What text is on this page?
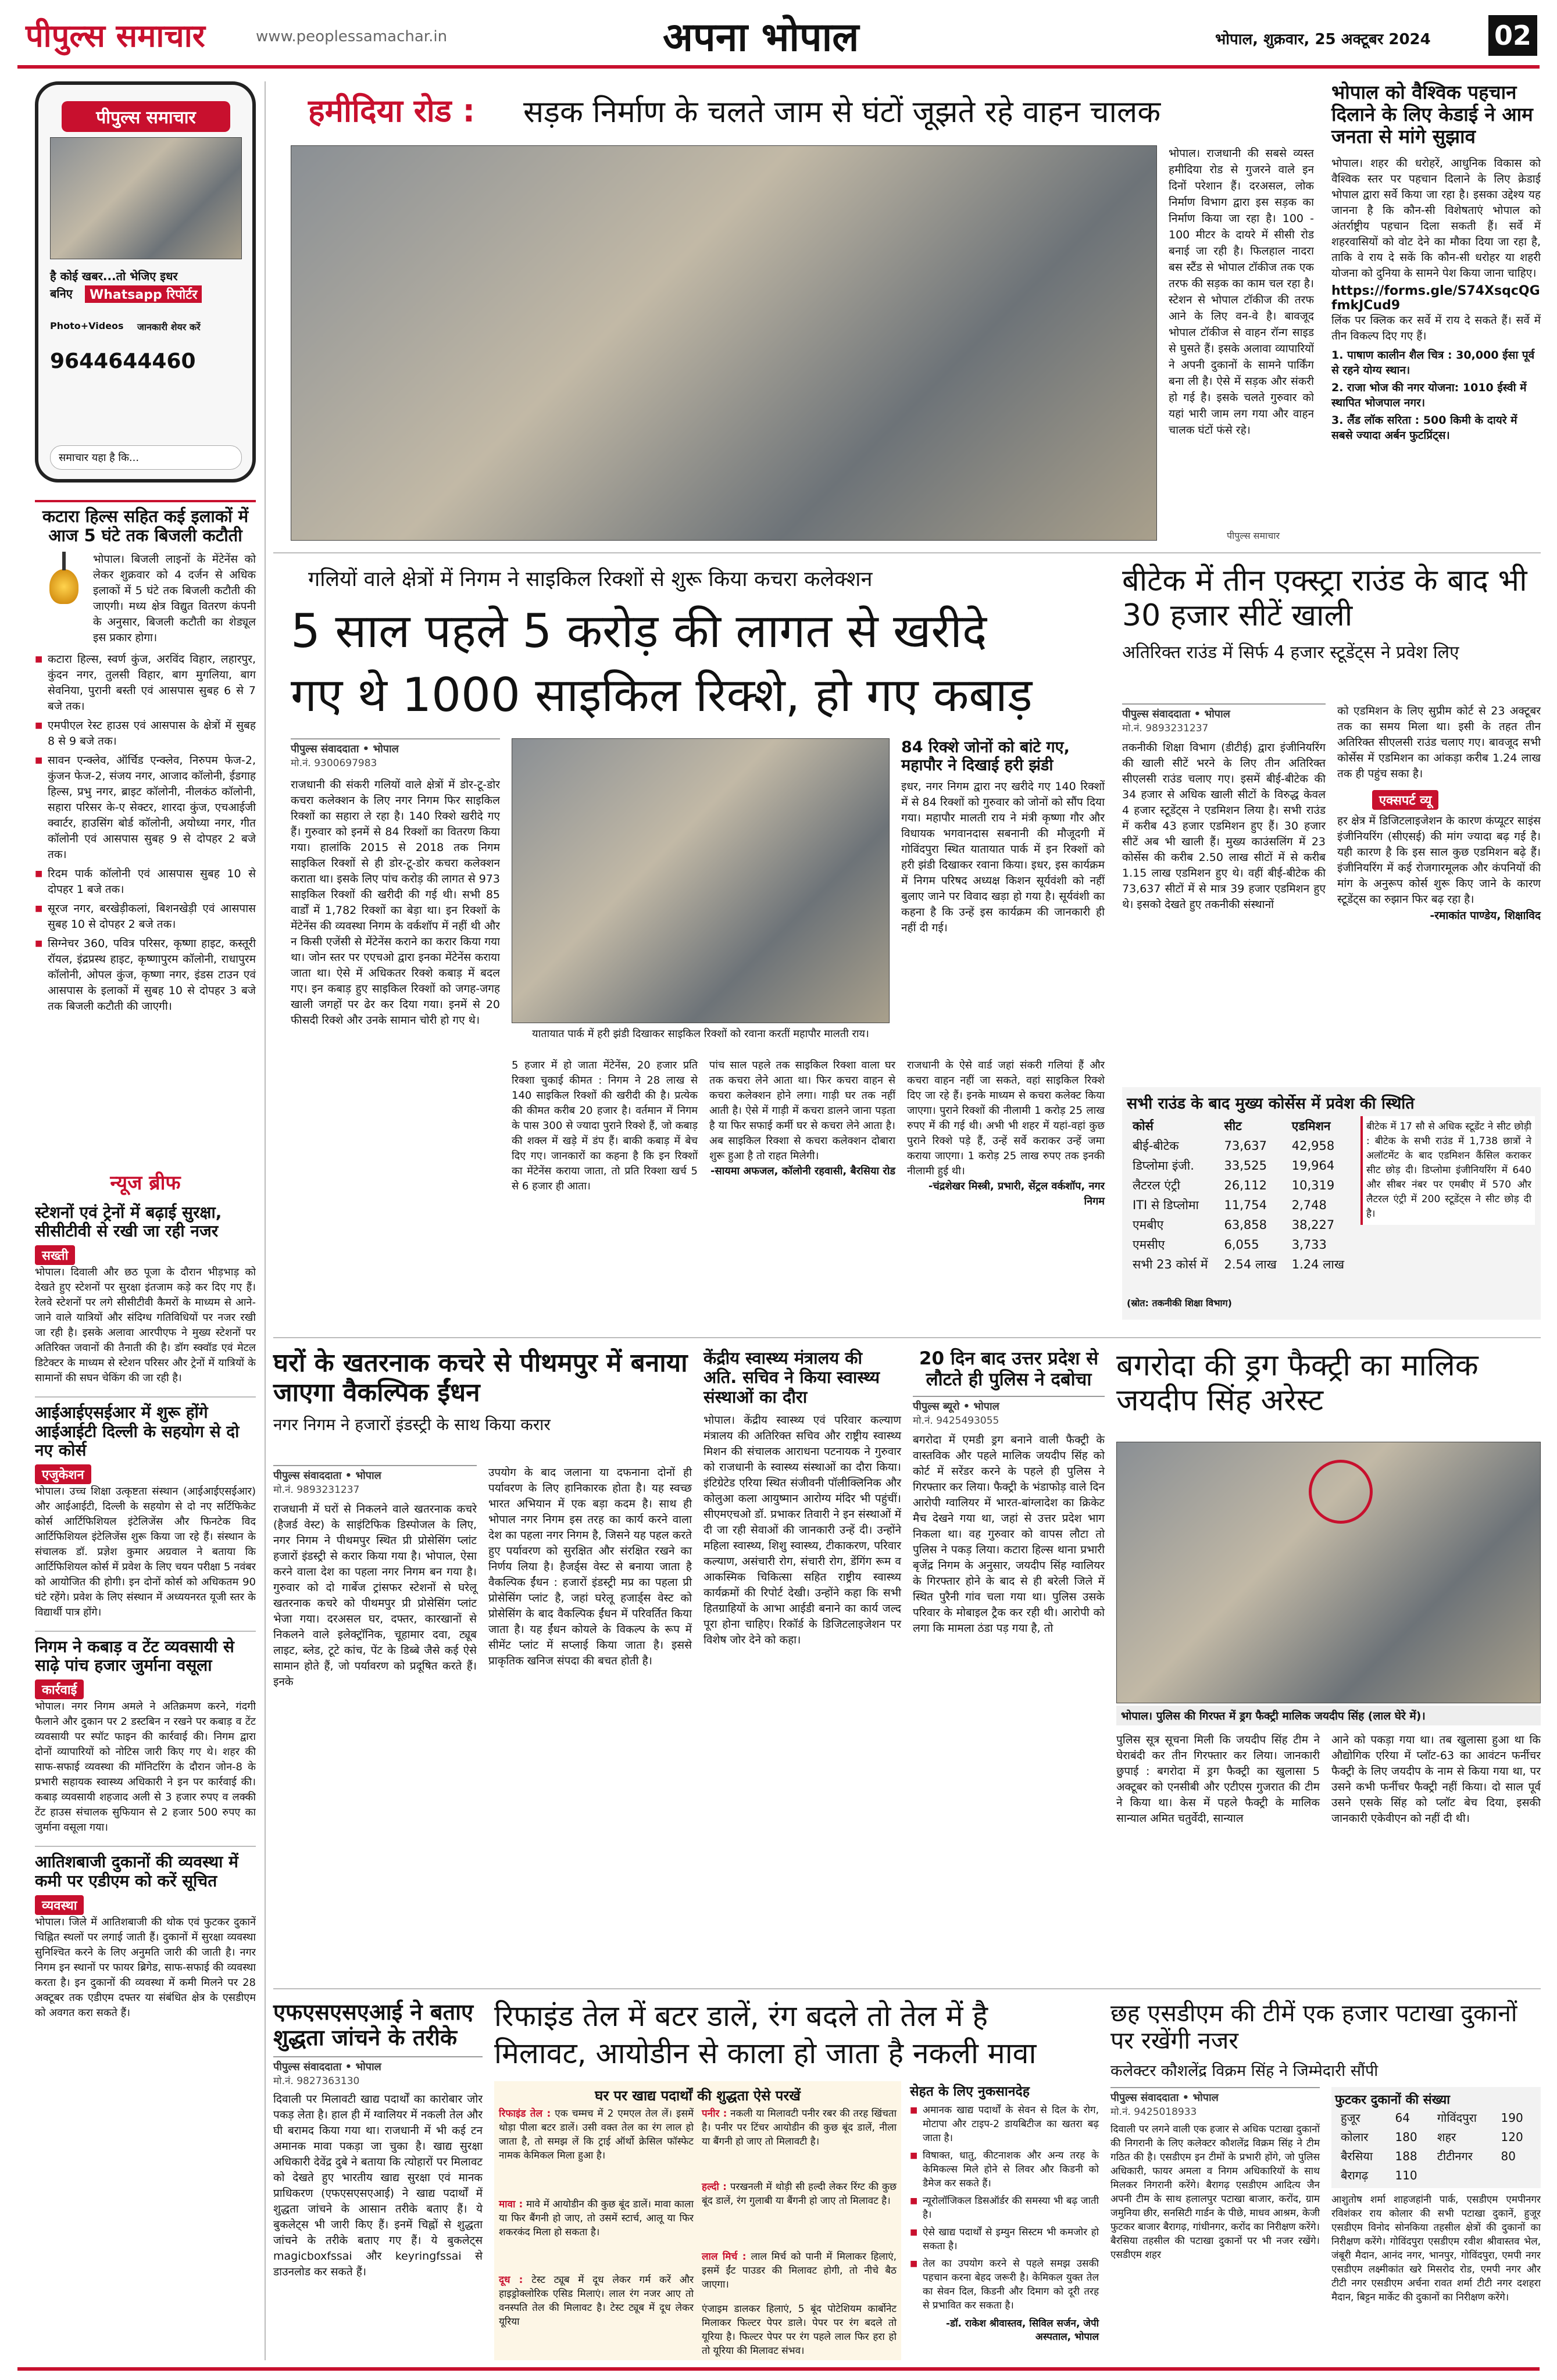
पीपुल्स समाचार	www.peoplessamachar.in	अपना भोपाल	भोपाल, शुक्रवार, 25 अक्टूबर 2024 02
पीपुल्स समाचार
है कोई खबर...तो भेजिए इधर
बनिए	Whatsapp रिपोर्टर
Photo+Videos जानकारी शेयर करें
9644644460
समाचार यहा है कि...
हमीदिया रोड : सड़क निर्माण के चलते जाम से घंटों जूझते रहे वाहन चालक
भोपाल। राजधानी की सबसे व्यस्त हमीदिया रोड से गुजरने वाले इन दिनों परेशान हैं। दरअसल, लोक निर्माण विभाग द्वारा इस सड़क का निर्माण किया जा रहा है। 100 - 100 मीटर के दायरे में सीसी रोड बनाई जा रही है। फिलहाल नादरा बस स्टैंड से भोपाल टॉकीज तक एक तरफ की सड़क का काम चल रहा है। स्टेशन से भोपाल टॉकीज की तरफ आने के लिए वन-वे है। बावजूद भोपाल टॉकीज से वाहन रॉन्ग साइड से घुसते हैं। इसके अलावा व्यापारियों ने अपनी दुकानों के सामने पार्किंग बना ली है। ऐसे में सड़क और संकरी हो गई है। इसके चलते गुरुवार को यहां भारी जाम लग गया और वाहन चालक घंटों फंसे रहे।
पीपुल्स समाचार
भोपाल को वैश्विक पहचान दिलाने के लिए केडाई ने आम जनता से मांगे सुझाव
भोपाल। शहर की धरोहरें, आधुनिक विकास को वैश्विक स्तर पर पहचान दिलाने के लिए क्रेडाई भोपाल द्वारा सर्वे किया जा रहा है। इसका उद्देश्य यह जानना है कि कौन-सी विशेषताएं भोपाल को अंतर्राष्ट्रीय पहचान दिला सकती हैं। सर्वे में शहरवासियों को वोट देने का मौका दिया जा रहा है, ताकि वे राय दे सकें कि कौन-सी धरोहर या शहरी योजना को दुनिया के सामने पेश किया जाना चाहिए।
https://forms.gle/S74XsqcQGfmkJCud9
लिंक पर क्लिक कर सर्वे में राय दे सकते हैं। सर्वे में तीन विकल्प दिए गए हैं।
1. पाषाण कालीन शैल चित्र : 30,000 ईसा पूर्व से रहने योग्य स्थान।
2. राजा भोज की नगर योजना: 1010 ईस्वी में स्थापित भोजपाल नगर।
3. लैंड लॉक सरिता : 500 किमी के दायरे में सबसे ज्यादा अर्बन फुटप्रिंट्स।
कटारा हिल्स सहित कई इलाकों में आज 5 घंटे तक बिजली कटौती
भोपाल। बिजली लाइनों के मेंटेनेंस को लेकर शुक्रवार को 4 दर्जन से अधिक इलाकों में 5 घंटे तक बिजली कटौती की जाएगी। मध्य क्षेत्र विद्युत वितरण कंपनी के अनुसार, बिजली कटौती का शेड्यूल इस प्रकार होगा।
■ कटारा हिल्स, स्वर्ण कुंज, अरविंद विहार, लहारपुर, कुंदन नगर, तुलसी विहार, बाग मुगलिया, बाग सेवनिया, पुरानी बस्ती एवं आसपास सुबह 6 से 7 बजे तक।
■ एमपीएल रेस्ट हाउस एवं आसपास के क्षेत्रों में सुबह 8 से 9 बजे तक।
■ सावन एन्क्लेव, ऑर्चिड एन्क्लेव, निरुपम फेज-2, कुंजन फेज-2, संजय नगर, आजाद कॉलोनी, ईडगाह हिल्स, प्रभु नगर, ब्राइट कॉलोनी, नीलकंठ कॉलोनी, सहारा परिसर के-ए सेक्टर, शारदा कुंज, एचआईजी क्वार्टर, हाउसिंग बोर्ड कॉलोनी, अयोध्या नगर, गीत कॉलोनी एवं आसपास सुबह 9 से दोपहर 2 बजे तक।
■ रिदम पार्क कॉलोनी एवं आसपास सुबह 10 से दोपहर 1 बजे तक।
■ सूरज नगर, बरखेड़ीकलां, बिशनखेड़ी एवं आसपास सुबह 10 से दोपहर 2 बजे तक।
■ सिग्नेचर 360, पवित्र परिसर, कृष्णा हाइट, कस्तूरी रॉयल, इंद्रप्रस्थ हाइट, कृष्णापुरम कॉलोनी, राधापुरम कॉलोनी, ओपल कुंज, कृष्णा नगर, इंडस टाउन एवं आसपास के इलाकों में सुबह 10 से दोपहर 3 बजे तक बिजली कटौती की जाएगी।
न्यूज ब्रीफ
स्टेशनों एवं ट्रेनों में बढ़ाई सुरक्षा, सीसीटीवी से रखी जा रही नजर
सख्ती
भोपाल। दिवाली और छठ पूजा के दौरान भीड़भाड़ को देखते हुए स्टेशनों पर सुरक्षा इंतजाम कड़े कर दिए गए हैं। रेलवे स्टेशनों पर लगे सीसीटीवी कैमरों के माध्यम से आने-जाने वाले यात्रियों और संदिग्ध गतिविधियों पर नजर रखी जा रही है। इसके अलावा आरपीएफ ने मुख्य स्टेशनों पर अतिरिक्त जवानों की तैनाती की है। डॉग स्क्वॉड एवं मेटल डिटेक्टर के माध्यम से स्टेशन परिसर और ट्रेनों में यात्रियों के सामानों की सघन चेकिंग की जा रही है।
आईआईएसईआर में शुरू होंगे आईआईटी दिल्ली के सहयोग से दो नए कोर्स
एजुकेशन
भोपाल। उच्च शिक्षा उत्कृष्टता संस्थान (आईआईएसईआर) और आईआईटी, दिल्ली के सहयोग से दो नए सर्टिफिकेट कोर्स आर्टिफिशियल इंटेलिजेंस और फिनटेक विद आर्टिफिशियल इंटेलिजेंस शुरू किया जा रहे हैं। संस्थान के संचालक डॉ. प्रज्ञेश कुमार अग्रवाल ने बताया कि आर्टिफिशियल कोर्स में प्रवेश के लिए चयन परीक्षा 5 नवंबर को आयोजित की होगी। इन दोनों कोर्स को अधिकतम 90 घंटे रहेंगे। प्रवेश के लिए संस्थान में अध्ययनरत यूजी स्तर के विद्यार्थी पात्र होंगे।
निगम ने कबाड़ व टेंट व्यवसायी से साढ़े पांच हजार जुर्माना वसूला
कार्रवाई
भोपाल। नगर निगम अमले ने अतिक्रमण करने, गंदगी फैलाने और दुकान पर 2 डस्टबिन न रखने पर कबाड़ व टेंट व्यवसायी पर स्पॉट फाइन की कार्रवाई की। निगम द्वारा दोनों व्यापारियों को नोटिस जारी किए गए थे। शहर की साफ-सफाई व्यवस्था की मॉनिटरिंग के दौरान जोन-8 के प्रभारी सहायक स्वास्थ्य अधिकारी ने इन पर कार्रवाई की। कबाड़ व्यवसायी शहजाद अली से 3 हजार रुपए व लक्की टेंट हाउस संचालक सुफियान से 2 हजार 500 रुपए का जुर्माना वसूला गया।
आतिशबाजी दुकानों की व्यवस्था में कमी पर एडीएम को करें सूचित
व्यवस्था
भोपाल। जिले में आतिशबाजी की थोक एवं फुटकर दुकानें चिह्नित स्थलों पर लगाई जाती हैं। दुकानों में सुरक्षा व्यवस्था सुनिश्चित करने के लिए अनुमति जारी की जाती है। नगर निगम इन स्थानों पर फायर ब्रिगेड, साफ-सफाई की व्यवस्था करता है। इन दुकानों की व्यवस्था में कमी मिलने पर 28 अक्टूबर तक एडीएम दफ्तर या संबंधित क्षेत्र के एसडीएम को अवगत करा सकते हैं।
गलियों वाले क्षेत्रों में निगम ने साइकिल रिक्शों से शुरू किया कचरा कलेक्शन
5 साल पहले 5 करोड़ की लागत से खरीदे
गए थे 1000 साइकिल रिक्शे, हो गए कबाड़
पीपुल्स संवाददाता • भोपाल
मो.नं. 9300697983
राजधानी की संकरी गलियों वाले क्षेत्रों में डोर-टू-डोर कचरा कलेक्शन के लिए नगर निगम फिर साइकिल रिक्शों का सहारा ले रहा है। 140 रिक्शे खरीदे गए हैं। गुरुवार को इनमें से 84 रिक्शों का वितरण किया गया। हालांकि 2015 से 2018 तक निगम साइकिल रिक्शों से ही डोर-टू-डोर कचरा कलेक्शन कराता था। इसके लिए पांच करोड़ की लागत से 973 साइकिल रिक्शों की खरीदी की गई थी। सभी 85 वार्डों में 1,782 रिक्शों का बेड़ा था। इन रिक्शों के मेंटेनेंस की व्यवस्था निगम के वर्कशॉप में नहीं थी और न किसी एजेंसी से मेंटेनेंस कराने का करार किया गया था। जोन स्तर पर एएचओ द्वारा इनका मेंटेनेंस कराया जाता था। ऐसे में अधिकतर रिक्शे कबाड़ में बदल गए। इन कबाड़ हुए साइकिल रिक्शों को जगह-जगह खाली जगहों पर ढेर कर दिया गया। इनमें से 20 फीसदी रिक्शे और उनके सामान चोरी हो गए थे।
यातायात पार्क में हरी झंडी दिखाकर साइकिल रिक्शों को रवाना करतीं महापौर मालती राय।
84 रिक्शे जोनों को बांटे गए, महापौर ने दिखाई हरी झंडी
इधर, नगर निगम द्वारा नए खरीदे गए 140 रिक्शों में से 84 रिक्शों को गुरुवार को जोनों को सौंप दिया गया। महापौर मालती राय ने मंत्री कृष्णा गौर और विधायक भगवानदास सबनानी की मौजूदगी में गोविंदपुरा स्थित यातायात पार्क में इन रिक्शों को हरी झंडी दिखाकर रवाना किया। इधर, इस कार्यक्रम में निगम परिषद अध्यक्ष किशन सूर्यवंशी को नहीं बुलाए जाने पर विवाद खड़ा हो गया है। सूर्यवंशी का कहना है कि उन्हें इस कार्यक्रम की जानकारी ही नहीं दी गई।
5 हजार में हो जाता मेंटेनेंस, 20 हजार प्रति रिक्शा चुकाई कीमत : निगम ने 28 लाख से 140 साइकिल रिक्शों की खरीदी की है। प्रत्येक की कीमत करीब 20 हजार है। वर्तमान में निगम के पास 300 से ज्यादा पुराने रिक्शे हैं, जो कबाड़ की शक्ल में खड़े में डंप हैं। बाकी कबाड़ में बेच दिए गए। जानकारों का कहना है कि इन रिक्शों का मेंटेनेंस कराया जाता, तो प्रति रिक्शा खर्च 5 से 6 हजार ही आता।
पांच साल पहले तक साइकिल रिक्शा वाला घर तक कचरा लेने आता था। फिर कचरा वाहन से कचरा कलेक्शन होने लगा। गाड़ी घर तक नहीं आती है। ऐसे में गाड़ी में कचरा डालने जाना पड़ता है या फिर सफाई कर्मी घर से कचरा लेने आता है। अब साइकिल रिक्शा से कचरा कलेक्शन दोबारा शुरू हुआ है तो राहत मिलेगी।
-सायमा अफजल, कॉलोनी रहवासी, बैरसिया रोड
राजधानी के ऐसे वार्ड जहां संकरी गलियां हैं और कचरा वाहन नहीं जा सकते, वहां साइकिल रिक्शे दिए जा रहे हैं। इनके माध्यम से कचरा कलेक्ट किया जाएगा। पुराने रिक्शों की नीलामी 1 करोड़ 25 लाख रुपए में की गई थी। अभी भी शहर में यहां-वहां कुछ पुराने रिक्शे पड़े हैं, उन्हें सर्वे कराकर उन्हें जमा कराया जाएगा। 1 करोड़ 25 लाख रुपए तक इनकी नीलामी हुई थी।
-चंद्रशेखर मिस्त्री, प्रभारी, सेंट्रल वर्कशॉप, नगर निगम
बीटेक में तीन एक्स्ट्रा राउंड के बाद भी 30 हजार सीटें खाली
अतिरिक्त राउंड में सिर्फ 4 हजार स्टूडेंट्स ने प्रवेश लिए
पीपुल्स संवाददाता • भोपाल
मो.नं. 9893231237
तकनीकी शिक्षा विभाग (डीटीई) द्वारा इंजीनियरिंग की खाली सीटें भरने के लिए तीन अतिरिक्त सीएलसी राउंड चलाए गए। इसमें बीई-बीटेक की 34 हजार से अधिक खाली सीटों के विरुद्ध केवल 4 हजार स्टूडेंट्स ने एडमिशन लिया है। सभी राउंड में करीब 43 हजार एडमिशन हुए हैं। 30 हजार सीटें अब भी खाली हैं। मुख्य काउंसलिंग में 23 कोर्सेस की करीब 2.50 लाख सीटों में से करीब 1.15 लाख एडमिशन हुए थे। वहीं बीई-बीटेक की 73,637 सीटों में से मात्र 39 हजार एडमिशन हुए थे। इसको देखते हुए तकनीकी संस्थानों
को एडमिशन के लिए सुप्रीम कोर्ट से 23 अक्टूबर तक का समय मिला था। इसी के तहत तीन अतिरिक्त सीएलसी राउंड चलाए गए। बावजूद सभी कोर्सेस में एडमिशन का आंकड़ा करीब 1.24 लाख तक ही पहुंच सका है।
एक्सपर्ट व्यू
हर क्षेत्र में डिजिटलाइजेशन के कारण कंप्यूटर साइंस इंजीनियरिंग (सीएसई) की मांग ज्यादा बढ़ गई है। यही कारण है कि इस साल कुछ एडमिशन बढ़े हैं। इंजीनियरिंग में कई रोजगारमूलक और कंपनियों की मांग के अनुरूप कोर्स शुरू किए जाने के कारण स्टूडेंट्स का रुझान फिर बढ़ रहा है।
-रमाकांत पाण्डेय, शिक्षाविद
सभी राउंड के बाद मुख्य कोर्सेस में प्रवेश की स्थिति
कोर्स	सीट	एडमिशन
बीई-बीटेक	73,637	42,958
डिप्लोमा इंजी.	33,525	19,964
लैटरल एंट्री	26,112	10,319
ITI से डिप्लोमा	11,754	2,748
एमबीए	63,858	38,227
एमसीए	6,055	3,733
सभी 23 कोर्स में	2.54 लाख	1.24 लाख
(स्रोत: तकनीकी शिक्षा विभाग)
बीटेक में 17 सौ से अधिक स्टूडेंट ने सीट छोड़ी : बीटेक के सभी राउंड में 1,738 छात्रों ने अलॉटमेंट के बाद एडमिशन कैंसिल कराकर सीट छोड़ दी। डिप्लोमा इंजीनियरिंग में 640 और सीबर नंबर पर एमबीए में 570 और लैटरल एंट्री में 200 स्टूडेंट्स ने सीट छोड़ दी है।
घरों के खतरनाक कचरे से पीथमपुर में बनाया जाएगा वैकल्पिक ईंधन
नगर निगम ने हजारों इंडस्ट्री के साथ किया करार
पीपुल्स संवाददाता • भोपाल
मो.नं. 9893231237
राजधानी में घरों से निकलने वाले खतरनाक कचरे (हैजर्ड वेस्ट) के साइंटिफिक डिस्पोजल के लिए, नगर निगम ने पीथमपुर स्थित प्री प्रोसेसिंग प्लांट हजारों इंडस्ट्री से करार किया गया है। भोपाल, ऐसा करने वाला देश का पहला नगर निगम बन गया है। गुरुवार को दो गार्बेज ट्रांसफर स्टेशनों से घरेलू खतरनाक कचरे को पीथमपुर प्री प्रोसेसिंग प्लांट भेजा गया। दरअसल घर, दफ्तर, कारखानों से निकलने वाले इलेक्ट्रॉनिक, चूहामार दवा, ट्यूब लाइट, ब्लेड, टूटे कांच, पेंट के डिब्बे जैसे कई ऐसे सामान होते हैं, जो पर्यावरण को प्रदूषित करते हैं। इनके
उपयोग के बाद जलाना या दफनाना दोनों ही पर्यावरण के लिए हानिकारक होता है। यह स्वच्छ भारत अभियान में एक बड़ा कदम है। साथ ही भोपाल नगर निगम इस तरह का कार्य करने वाला देश का पहला नगर निगम है, जिसने यह पहल करते हुए पर्यावरण को सुरक्षित और संरक्षित रखने का निर्णय लिया है। हैजर्ड्स वेस्ट से बनाया जाता है वैकल्पिक ईंधन : हजारों इंडस्ट्री मप्र का पहला प्री प्रोसेसिंग प्लांट है, जहां घरेलू हजार्ड्स वेस्ट को प्रोसेसिंग के बाद वैकल्पिक ईंधन में परिवर्तित किया जाता है। यह ईंधन कोयले के विकल्प के रूप में सीमेंट प्लांट में सप्लाई किया जाता है। इससे प्राकृतिक खनिज संपदा की बचत होती है।
केंद्रीय स्वास्थ्य मंत्रालय की अति. सचिव ने किया स्वास्थ्य संस्थाओं का दौरा
भोपाल। केंद्रीय स्वास्थ्य एवं परिवार कल्याण मंत्रालय की अतिरिक्त सचिव और राष्ट्रीय स्वास्थ्य मिशन की संचालक आराधना पटनायक ने गुरुवार को राजधानी के स्वास्थ्य संस्थाओं का दौरा किया। इंटिग्रेटेड एरिया स्थित संजीवनी पॉलीक्लिनिक और कोलुआ कला आयुष्मान आरोग्य मंदिर भी पहुंचीं। सीएमएचओ डॉ. प्रभाकर तिवारी ने इन संस्थाओं में दी जा रही सेवाओं की जानकारी उन्हें दी। उन्होंने महिला स्वास्थ्य, शिशु स्वास्थ्य, टीकाकरण, परिवार कल्याण, असंचारी रोग, संचारी रोग, डेंगिंग रूम व आकस्मिक चिकित्सा सहित राष्ट्रीय स्वास्थ्य कार्यक्रमों की रिपोर्ट देखी। उन्होंने कहा कि सभी हितग्राहियों के आभा आईडी बनाने का कार्य जल्द पूरा होना चाहिए। रिकॉर्ड के डिजिटलाइजेशन पर विशेष जोर देने को कहा।
बगरोदा की ड्रग फैक्ट्री का मालिक जयदीप सिंह अरेस्ट
20 दिन बाद उत्तर प्रदेश से लौटते ही पुलिस ने दबोचा
पीपुल्स ब्यूरो • भोपाल
मो.नं. 9425493055
बगरोदा में एमडी ड्रग बनाने वाली फैक्ट्री के वास्तविक और पहले मालिक जयदीप सिंह को कोर्ट में सरेंडर करने के पहले ही पुलिस ने गिरफ्तार कर लिया। फैक्ट्री के भंडाफोड़ वाले दिन आरोपी ग्वालियर में भारत-बांग्लादेश का क्रिकेट मैच देखने गया था, जहां से उत्तर प्रदेश भाग निकला था। वह गुरुवार को वापस लौटा तो पुलिस ने पकड़ लिया। कटारा हिल्स थाना प्रभारी बृजेंद्र निगम के अनुसार, जयदीप सिंह ग्वालियर के गिरफ्तार होने के बाद से ही बरेली जिले में स्थित पुरैनी गांव चला गया था। पुलिस उसके परिवार के मोबाइल ट्रैक कर रही थी। आरोपी को लगा कि मामला ठंडा पड़ गया है, तो
भोपाल। पुलिस की गिरफ्त में ड्रग फैक्ट्री मालिक जयदीप सिंह (लाल घेरे में)।
पुलिस सूत्र सूचना मिली कि जयदीप सिंह टीम ने घेराबंदी कर तीन गिरफ्तार कर लिया। जानकारी छुपाई : बगरोदा में ड्रग फैक्ट्री का खुलासा 5 अक्टूबर को एनसीबी और एटीएस गुजरात की टीम ने किया था। केस में पहले फैक्ट्री के मालिक सान्याल अमित चतुर्वेदी, सान्याल
आने को पकड़ा गया था। तब खुलासा हुआ था कि औद्योगिक एरिया में प्लॉट-63 का आवंटन फर्नीचर फैक्ट्री के लिए जयदीप के नाम से किया गया था, पर उसने कभी फर्नीचर फैक्ट्री नहीं किया। दो साल पूर्व उसने एसके सिंह को प्लॉट बेच दिया, इसकी जानकारी एकेवीएन को नहीं दी थी।
एफएसएसएआई ने बताए शुद्धता जांचने के तरीके
पीपुल्स संवाददाता • भोपाल
मो.नं. 9827363130
दिवाली पर मिलावटी खाद्य पदार्थों का कारोबार जोर पकड़ लेता है। हाल ही में ग्वालियर में नकली तेल और घी बरामद किया गया था। राजधानी में भी कई टन अमानक मावा पकड़ा जा चुका है। खाद्य सुरक्षा अधिकारी देवेंद्र दुबे ने बताया कि त्योहारों पर मिलावट को देखते हुए भारतीय खाद्य सुरक्षा एवं मानक प्राधिकरण (एफएसएसएआई) ने खाद्य पदार्थों में शुद्धता जांचने के आसान तरीके बताए हैं। ये बुकलेट्स भी जारी किए हैं। इनमें चिह्नों से शुद्धता जांचने के तरीके बताए गए हैं। ये बुकलेट्स magicboxfssai और keyringfssai से डाउनलोड कर सकते हैं।
रिफाइंड तेल में बटर डालें, रंग बदले तो तेल में है
मिलावट, आयोडीन से काला हो जाता है नकली मावा
घर पर खाद्य पदार्थों की शुद्धता ऐसे परखें
रिफाइंड तेल : एक चम्मच में 2 एमएल तेल लें। इसमें थोड़ा पीला बटर डालें। उसी वक्त तेल का रंग लाल हो जाता है, तो समझ लें कि ट्राई ऑर्थो क्रेसिल फॉस्फेट नामक केमिकल मिला हुआ है।
मावा : मावे में आयोडीन की कुछ बूंद डालें। मावा काला या फिर बैंगनी हो जाए, तो उसमें स्टार्च, आलू या फिर शकरकंद मिला हो सकता है।
दूध : टेस्ट ट्यूब में दूध लेकर गर्म करें और हाइड्रोक्लोरिक एसिड मिलाएं। लाल रंग नजर आए तो वनस्पति तेल की मिलावट है। टेस्ट ट्यूब में दूध लेकर यूरिया
पनीर : नकली या मिलावटी पनीर रबर की तरह खिंचता है। पनीर पर टिंचर आयोडीन की कुछ बूंद डालें, नीला या बैंगनी हो जाए तो मिलावटी है।
हल्दी : परखनली में थोड़ी सी हल्दी लेकर रिंग्ट की कुछ बूंद डालें, रंग गुलाबी या बैंगनी हो जाए तो मिलावट है।
लाल मिर्च : लाल मिर्च को पानी में मिलाकर हिलाएं, इसमें ईंट पाउडर की मिलावट होगी, तो नीचे बैठ जाएगा।
एंजाइम डालकर हिलाएं, 5 बूंद पोटेशियम कार्बोनेट मिलाकर फिल्टर पेपर डाले। पेपर पर रंग बदले तो यूरिया है। फिल्टर पेपर पर रंग पहले लाल फिर हरा हो तो यूरिया की मिलावट संभव।
सेहत के लिए नुकसानदेह
■ अमानक खाद्य पदार्थों के सेवन से दिल के रोग, मोटापा और टाइप-2 डायबिटीज का खतरा बढ़ जाता है।
■ विषाक्त, धातु, कीटनाशक और अन्य तरह के केमिकल्स मिले होने से लिवर और किडनी को डैमेज कर सकते हैं।
■ न्यूरोलॉजिकल डिसऑर्डर की समस्या भी बढ़ जाती है।
■ ऐसे खाद्य पदार्थों से इम्युन सिस्टम भी कमजोर हो सकता है।
■ तेल का उपयोग करने से पहले समझ उसकी पहचान करना बेहद जरूरी है। केमिकल युक्त तेल का सेवन दिल, किडनी और दिमाग को दूरी तरह से प्रभावित कर सकता है।
-डॉ. राकेश श्रीवास्तव, सिविल सर्जन, जेपी अस्पताल, भोपाल
छह एसडीएम की टीमें एक हजार पटाखा दुकानों पर रखेंगी नजर
कलेक्टर कौशलेंद्र विक्रम सिंह ने जिम्मेदारी सौंपी
पीपुल्स संवाददाता • भोपाल
मो.नं. 9425018933
दिवाली पर लगने वाली एक हजार से अधिक पटाखा दुकानों की निगरानी के लिए कलेक्टर कौशलेंद्र विक्रम सिंह ने टीम गठित की है। एसडीएम इन टीमों के प्रभारी होंगे, जो पुलिस अधिकारी, फायर अमला व निगम अधिकारियों के साथ मिलकर निगरानी करेंगे। बैरागढ़ एसडीएम आदित्य जैन अपनी टीम के साथ हलालपुर पटाखा बाजार, करोंद, ग्राम जमुनिया छीर, सनसिटी गार्डन के पीछे, माधव आश्रम, केजी फुटकर बाजार बैरागढ़, गांधीनगर, करोंद का निरीक्षण करेंगे। बैरसिया तहसील की पटाखा दुकानों पर भी नजर रखेंगे। एसडीएम शहर
फुटकर दुकानों की संख्या
हुजूर	64	गोविंदपुरा	190
कोलार	180	शहर	120
बैरसिया	188	टीटीनगर	80
बैरागढ़	110		
आशुतोष शर्मा शाहजहांनी पार्क, एसडीएम एमपीनगर रविशंकर राय कोलार की सभी पटाखा दुकानें, हुजूर एसडीएम विनोद सोनकिया तहसील क्षेत्रों की दुकानों का निरीक्षण करेंगे। गोविंदपुरा एसडीएम रवीश श्रीवास्तव भेल, जंबूरी मैदान, आनंद नगर, भानपुर, गोविंदपुरा, एमपी नगर एसडीएम लक्ष्मीकांत खरे मिसरोद रोड, एमपी नगर और टीटी नगर एसडीएम अर्चना रावत शर्मा टीटी नगर दशहरा मैदान, बिट्टन मार्केट की दुकानों का निरीक्षण करेंगे।
